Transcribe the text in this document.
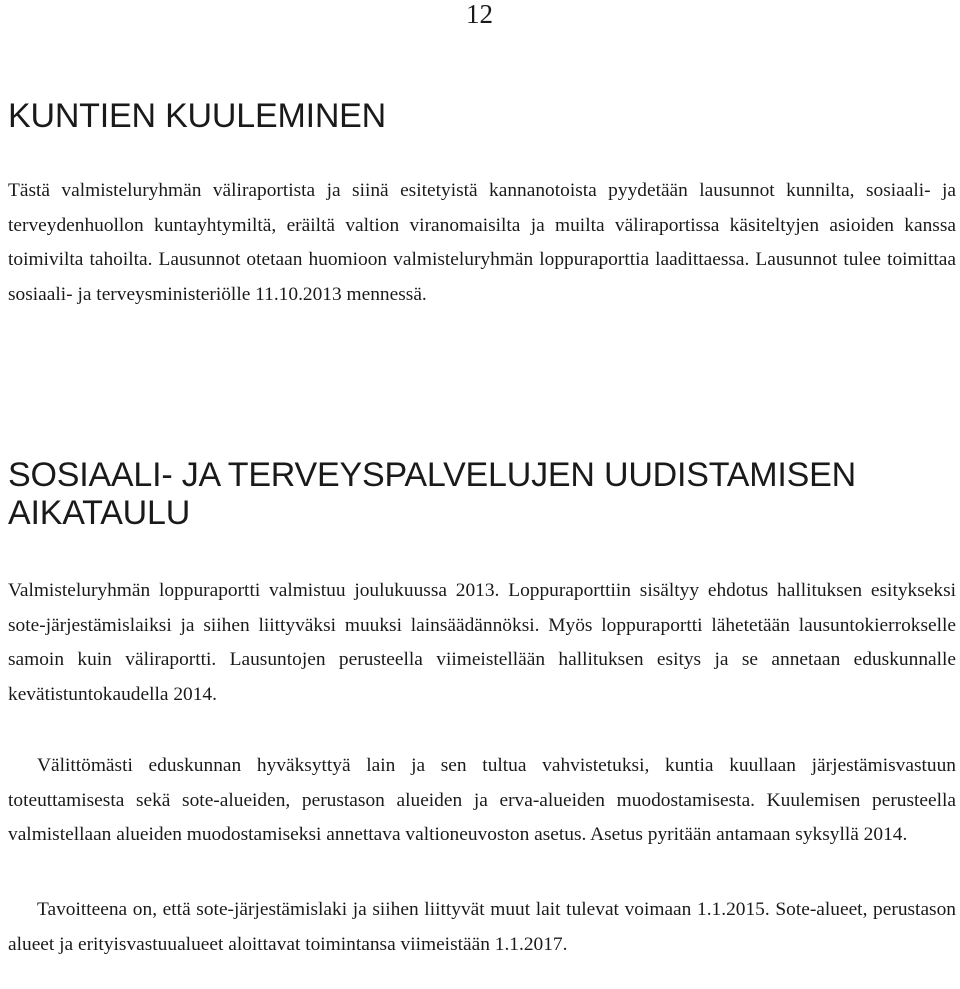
12
KUNTIEN KUULEMINEN

Tästä valmisteluryhmän väliraportista ja siinä esitetyistä kannanotoista pyydetään lausunnot kunnilta, sosiaali- ja terveydenhuollon kuntayhtymiltä, eräiltä valtion viranomaisilta ja muilta väliraportissa käsiteltyjen asioiden kanssa toimivilta tahoilta. Lausunnot otetaan huomioon valmisteluryhmän loppuraporttia laadittaessa. Lausunnot tulee toimittaa sosiaali- ja terveysministeriölle 11.10.2013 mennessä.

SOSIAALI- JA TERVEYSPALVELUJEN UUDISTAMISEN AIKATAULU

Valmisteluryhmän loppuraportti valmistuu joulukuussa 2013. Loppuraporttiin sisältyy ehdotus hallituksen esitykseksi sote-järjestämislaiksi ja siihen liittyväksi muuksi lainsäädännöksi. Myös loppuraportti lähetetään lausuntokierrokselle samoin kuin väliraportti. Lausuntojen perusteella viimeistellään hallituksen esitys ja se annetaan eduskunnalle kevätistuntokaudella 2014.

Välittömästi eduskunnan hyväksyttyä lain ja sen tultua vahvistetuksi, kuntia kuullaan järjestämisvastuun toteuttamisesta sekä sote-alueiden, perustason alueiden ja erva-alueiden muodostamisesta. Kuulemisen perusteella valmistellaan alueiden muodostamiseksi annettava valtioneuvoston asetus. Asetus pyritään antamaan syksyllä 2014.

Tavoitteena on, että sote-järjestämislaki ja siihen liittyvät muut lait tulevat voimaan 1.1.2015. Sote-alueet, perustason alueet ja erityisvastuualueet aloittavat toimintansa viimeistään 1.1.2017.
